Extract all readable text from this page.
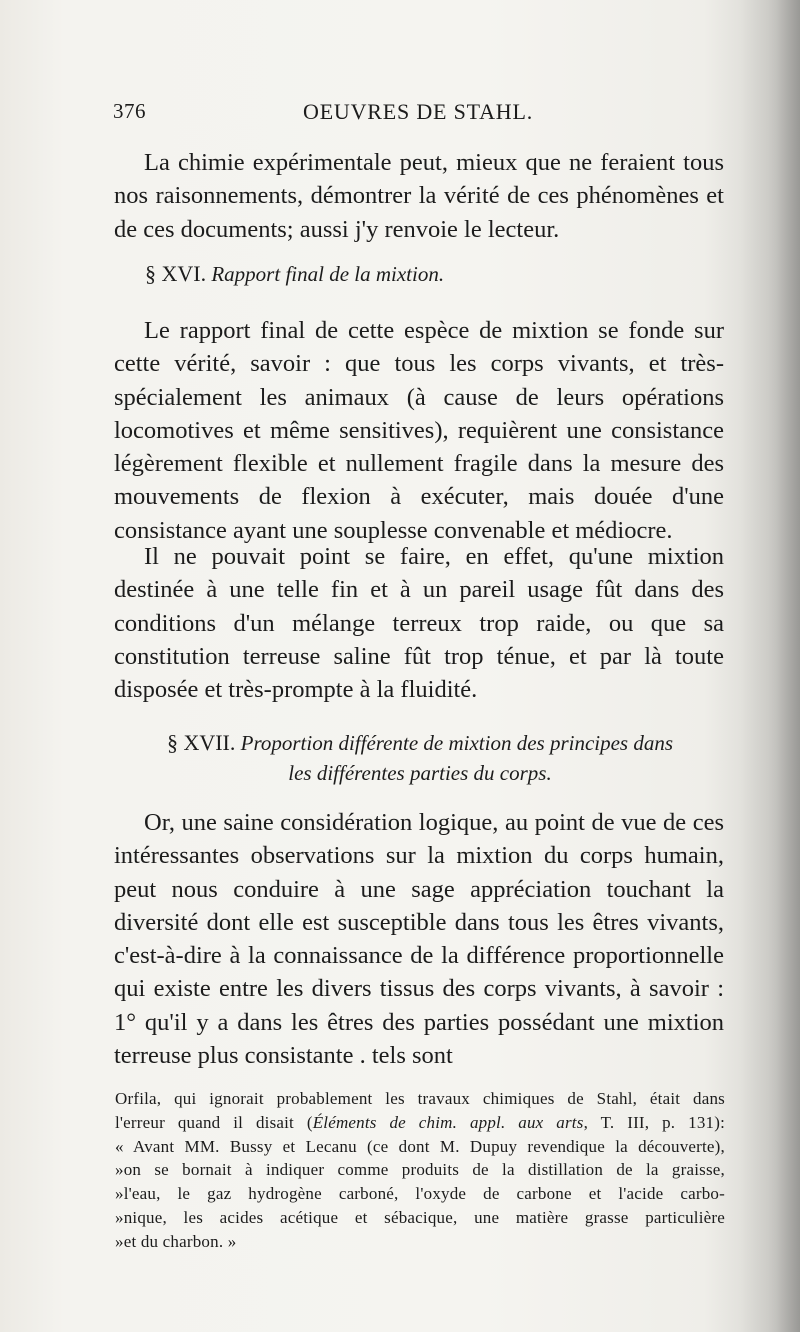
376	OEUVRES DE STAHL.

La chimie expérimentale peut, mieux que ne feraient tous nos raisonnements, démontrer la vérité de ces phénomènes et de ces documents; aussi j'y renvoie le lecteur.

§ XVI. Rapport final de la mixtion.

Le rapport final de cette espèce de mixtion se fonde sur cette vérité, savoir : que tous les corps vivants, et très-spécialement les animaux (à cause de leurs opérations locomotives et même sensitives), requièrent une consistance légèrement flexible et nullement fragile dans la mesure des mouvements de flexion à exécuter, mais douée d'une consistance ayant une souplesse convenable et médiocre.

Il ne pouvait point se faire, en effet, qu'une mixtion destinée à une telle fin et à un pareil usage fût dans des conditions d'un mélange terreux trop raide, ou que sa constitution terreuse saline fût trop ténue, et par là toute disposée et très-prompte à la fluidité.

§ XVII. Proportion différente de mixtion des principes dans
les différentes parties du corps.

Or, une saine considération logique, au point de vue de ces intéressantes observations sur la mixtion du corps humain, peut nous conduire à une sage appréciation touchant la diversité dont elle est susceptible dans tous les êtres vivants, c'est-à-dire à la connaissance de la différence proportionnelle qui existe entre les divers tissus des corps vivants, à savoir : 1° qu'il y a dans les êtres des parties possédant une mixtion terreuse plus consistante . tels sont

Orfila, qui ignorait probablement les travaux chimiques de Stahl, était dans
l'erreur quand il disait (Éléments de chim. appl. aux arts, T. III, p. 131):
« Avant MM. Bussy et Lecanu (ce dont M. Dupuy revendique la découverte),
»on se bornait à indiquer comme produits de la distillation de la graisse,
»l'eau, le gaz hydrogène carboné, l'oxyde de carbone et l'acide carbo-
»nique, les acides acétique et sébacique, une matière grasse particulière
»et du charbon. »
